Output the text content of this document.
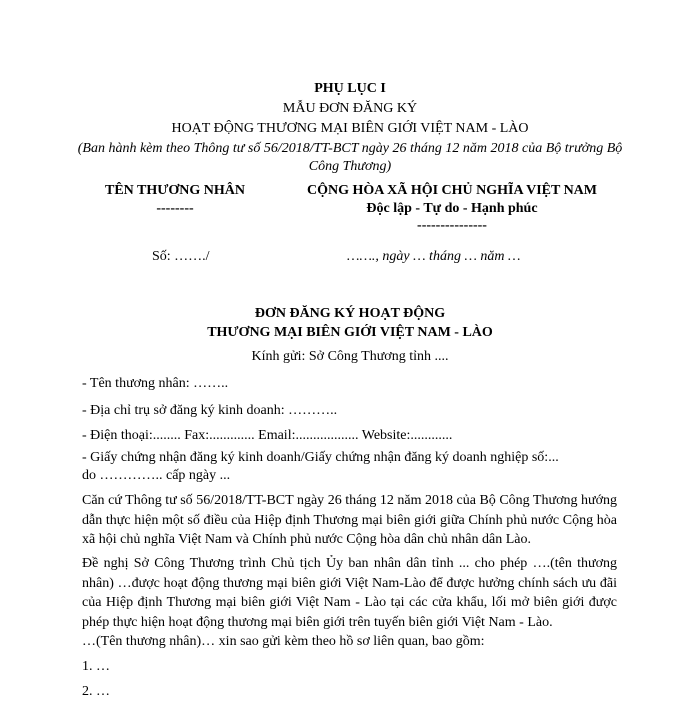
PHỤ LỤC I
MẪU ĐƠN ĐĂNG KÝ
HOẠT ĐỘNG THƯƠNG MẠI BIÊN GIỚI VIỆT NAM - LÀO
(Ban hành kèm theo Thông tư số 56/2018/TT-BCT ngày 26 tháng 12 năm 2018 của Bộ trưởng Bộ
Công Thương)
TÊN THƯƠNG NHÂN
--------
CỘNG HÒA XÃ HỘI CHỦ NGHĨA VIỆT NAM
Độc lập - Tự do - Hạnh phúc
---------------
Số: ……./	……., ngày … tháng … năm …
ĐƠN ĐĂNG KÝ HOẠT ĐỘNG
THƯƠNG MẠI BIÊN GIỚI VIỆT NAM - LÀO
Kính gửi: Sở Công Thương tỉnh ....
- Tên thương nhân: ……..
- Địa chỉ trụ sở đăng ký kinh doanh: ………..
- Điện thoại:........ Fax:............. Email:.................. Website:............
- Giấy chứng nhận đăng ký kinh doanh/Giấy chứng nhận đăng ký doanh nghiệp số:...
do ………….. cấp ngày ...
Căn cứ Thông tư số 56/2018/TT-BCT ngày 26 tháng 12 năm 2018 của Bộ Công Thương hướng dẫn thực hiện một số điều của Hiệp định Thương mại biên giới giữa Chính phủ nước Cộng hòa xã hội chủ nghĩa Việt Nam và Chính phủ nước Cộng hòa dân chủ nhân dân Lào.
Đề nghị Sở Công Thương trình Chủ tịch Ủy ban nhân dân tỉnh ... cho phép ….(tên thương nhân) …được hoạt động thương mại biên giới Việt Nam-Lào để được hưởng chính sách ưu đãi của Hiệp định Thương mại biên giới Việt Nam - Lào tại các cửa khẩu, lối mở biên giới được phép thực hiện hoạt động thương mại biên giới trên tuyến biên giới Việt Nam - Lào.
…(Tên thương nhân)… xin sao gửi kèm theo hồ sơ liên quan, bao gồm:
1. …
2. …
